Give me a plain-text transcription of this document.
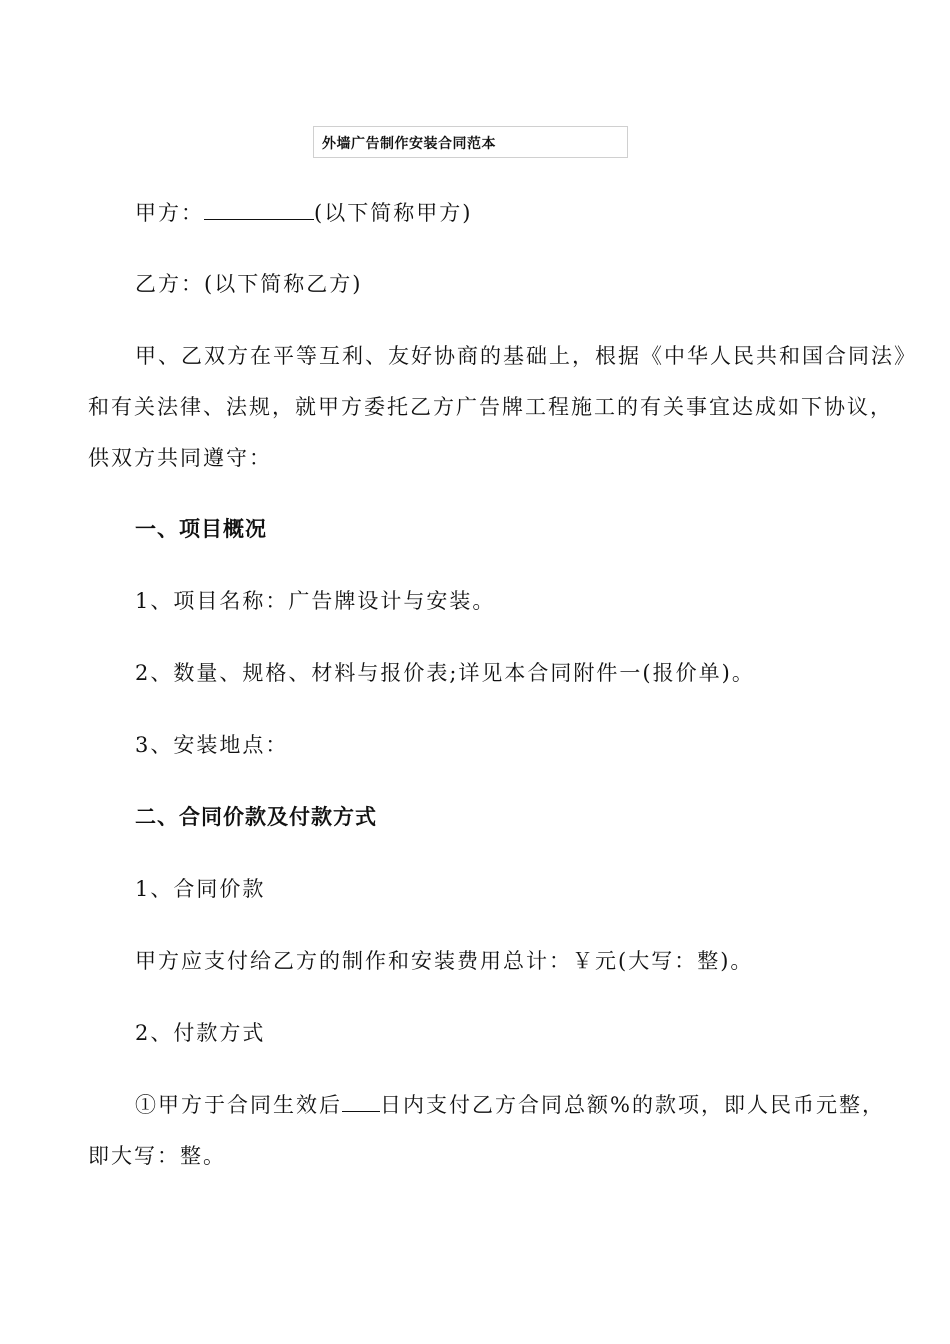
外墙广告制作安装合同范本
甲方：	(以下简称甲方)
乙方：(以下简称乙方)
甲、乙双方在平等互利、友好协商的基础上，根据《中华人民共和国合同法》
和有关法律、法规，就甲方委托乙方广告牌工程施工的有关事宜达成如下协议，
供双方共同遵守：
一、项目概况
1、项目名称：广告牌设计与安装。
2、数量、规格、材料与报价表;详见本合同附件一(报价单)。
3、安装地点：
二、合同价款及付款方式
1、合同价款
甲方应支付给乙方的制作和安装费用总计：￥元(大写：整)。
2、付款方式
①甲方于合同生效后 日内支付乙方合同总额%的款项，即人民币元整，
即大写：整。
